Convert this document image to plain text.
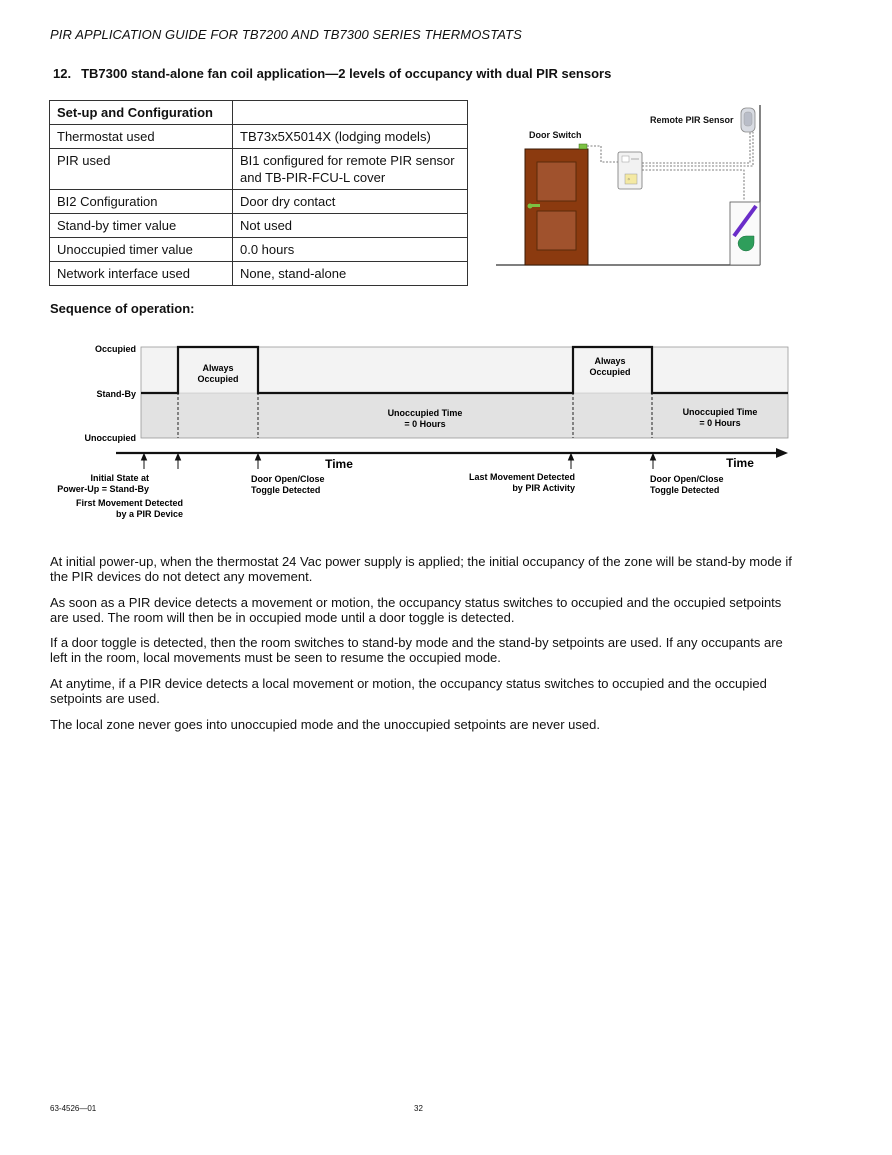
PIR APPLICATION GUIDE FOR TB7200 AND TB7300 SERIES THERMOSTATS
12. TB7300 stand-alone fan coil application—2 levels of occupancy with dual PIR sensors
Set-up and Configuration	
Thermostat used	TB73x5X5014X (lodging models)
PIR used	BI1 configured for remote PIR sensor and TB-PIR-FCU-L cover
BI2 Configuration	Door dry contact
Stand-by timer value	Not used
Unoccupied timer value	0.0 hours
Network interface used	None, stand-alone
☼
Remote PIR Sensor
Door Switch
Sequence of operation:
Occupied
Stand-By
Unoccupied
Always
Occupied
Always
Occupied
Unoccupied Time
= 0 Hours
Unoccupied Time
= 0 Hours
Time	Time
Initial State at
Power-Up = Stand-By
First Movement Detected
by a PIR Device
Door Open/Close
Toggle Detected
Last Movement Detected
by PIR Activity
Door Open/Close
Toggle Detected

At initial power-up, when the thermostat 24 Vac power supply is applied; the initial occupancy of the zone will be stand-by mode if the PIR devices do not detect any movement.

As soon as a PIR device detects a movement or motion, the occupancy status switches to occupied and the occupied setpoints are used. The room will then be in occupied mode until a door toggle is detected.

If a door toggle is detected, then the room switches to stand-by mode and the stand-by setpoints are used. If any occupants are left in the room, local movements must be seen to resume the occupied mode.

At anytime, if a PIR device detects a local movement or motion, the occupancy status switches to occupied and the occupied setpoints are used.

The local zone never goes into unoccupied mode and the unoccupied setpoints are never used.

63-4526—01	32
